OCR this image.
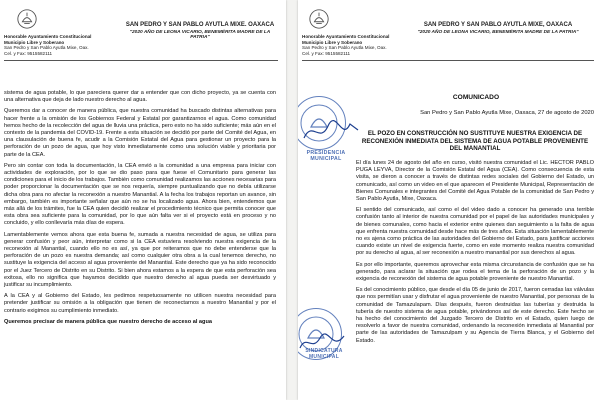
Honorable Ayuntamiento Constitucional
Municipio Libre y Soberano
San Pedro y San Pablo Ayutla Mixe, Oax.
Cel. y Fax: 9515582111
SAN PEDRO Y SAN PABLO AYUTLA MIXE. OAXACA
"2020 AÑO DE LEONA VICARIO, BENEMÉRITA MADRE DE LA PATRIA"

sistema de agua potable, lo que pareciera querer dar a entender que con dicho proyecto, ya se cuenta con una alternativa que deja de lado nuestro derecho al agua.

Queremos dar a conocer de manera pública, que nuestra comunidad ha buscado distintas alternativas para hacer frente a la omisión de los Gobiernos Federal y Estatal por garantizarnos el agua. Como comunidad hemos hecho de la recolección del agua de lluvia una práctica, pero esto no ha sido suficiente; más aún en el contexto de la pandemia del COVID-19. Frente a esta situación se decidió por parte del Comité del Agua, en una clausulación de buena fe, acudir a la Comisión Estatal del Agua para gestionar un proyecto para la perforación de un pozo de agua, que hoy visto inmediatamente como una solución viable y prioritaria por parte de la CEA.

Pero sin contar con toda la documentación, la CEA envió a la comunidad a una empresa para iniciar con actividades de exploración, por lo que se dio paso para que fuese el Comunitario para generar las condiciones para el inicio de los trabajos. También como comunidad realizamos las acciones necesarias para poder proporcionar la documentación que se nos requería, siempre puntualizando que no debía utilizarse dicha obra para no afectar la reconexión a nuestro Manantial. A la fecha los trabajos reportan un avance, sin embargo, también es importante señalar que aún no se ha localizado agua. Ahora bien, entendemos que más allá de los trámites, fue la CEA quien decidió realizar el procedimiento técnico que permita conocer que esta obra sea suficiente para la comunidad, por lo que aún falta ver si el proyecto está en proceso y no concluido, y ello conllevaría más días de espera.

Lamentablemente vemos ahora que esta buena fe, sumada a nuestra necesidad de agua, se utiliza para generar confusión y peor aún, interpretar como si la CEA estuviera resolviendo nuestra exigencia de la reconexión al Manantial, cuando ello no es así, ya que por reiteramos que no debe entenderse que la perforación de un pozo es nuestra demanda; así como cualquier otra obra a la cual tenemos derecho, no sustituye la exigencia del acceso al agua proveniente del Manantial. Este derecho que ya ha sido reconocido por el Juez Tercero de Distrito en su Distrito. Si bien ahora estamos a la espera de que esta perforación sea exitosa, ello no significa que hayamos decidido que nuestro derecho al agua pueda ser desvirtuado y justificar su incumplimiento.

A la CEA y al Gobierno del Estado, les pedimos respetuosamente no utilicen nuestra necesidad para pretender justificar su omisión a la obligación que tienen de reconectarnos a nuestro Manantial y por el contrario exigimos su cumplimiento inmediato.

Queremos precisar de manera pública que nuestro derecho de acceso al agua

Honorable Ayuntamiento Constitucional
Municipio Libre y Soberano
San Pedro y San Pablo Ayutla Mixe, Oax.
Cel. y Fax: 9515582111
SAN PEDRO Y SAN PABLO AYUTLA MIXE, OAXACA
"2020 AÑO DE LEONA VICARIO, BENEMÉRITA MADRE DE LA PATRIA"
PRESIDENCIA MUNICIPAL
SINDICATURA MUNICIPAL
COMUNICADO
San Pedro y San Pablo Ayutla Mixe, Oaxaca, 27 de agosto de 2020
EL POZO EN CONSTRUCCIÓN NO SUSTITUYE NUESTRA EXIGENCIA DE RECONEXIÓN INMEDIATA DEL SISTEMA DE AGUA POTABLE PROVENIENTE DEL MANANTIAL

El día lunes 24 de agosto del año en curso, visitó nuestra comunidad el Lic. HECTOR PABLO PUGA LEYVA, Director de la Comisión Estatal del Agua (CEA). Como consecuencia de esta visita, se dieron a conocer a través de distintas redes sociales del Gobierno del Estado, un comunicado, así como un video en el que aparecen el Presidente Municipal, Representación de Bienes Comunales e integrantes del Comité del Agua Potable de la comunidad de San Pedro y San Pablo Ayutla, Mixe, Oaxaca.

El sentido del comunicado, así como el del video dado a conocer ha generado una terrible confusión tanto al interior de nuestra comunidad por el papel de las autoridades municipales y de bienes comunales, como hacia el exterior entre quienes dan seguimiento a la falta de agua que enfrenta nuestra comunidad desde hace más de tres años. Esta situación lamentablemente no es ajena como práctica de las autoridades del Gobierno del Estado, para justificar acciones cuando existe un nivel de exigencia fuerte, como en este momento realiza nuestra comunidad por su derecho al agua, al ser reconexión a nuestro manantial por sus derechos al agua.

Es por ello importante, queremos aprovechar esta misma circunstancia de confusión que se ha generado, para aclarar la situación que rodea el tema de la perforación de un pozo y la exigencia de reconexión del sistema de agua potable proveniente de nuestro Manantial.

Es del conocimiento público, que desde el día 05 de junio de 2017, fueron cerradas las válvulas que nos permitían usar y disfrutar el agua proveniente de nuestro Manantial, por personas de la comunidad de Tamazulapam. Días después, fueron destruidas las tuberías y destruida la tubería de nuestro sistema de agua potable, privándonos así de este derecho. Este hecho se ha hecho del conocimiento del Juzgado Tercero de Distrito en el Estado, quien luego de resolverlo a favor de nuestra comunidad, ordenando la reconexión inmediata al Manantial por parte de las autoridades de Tamazulpam y su Agencia de Tierra Blanca, y el Gobierno del Estado.
